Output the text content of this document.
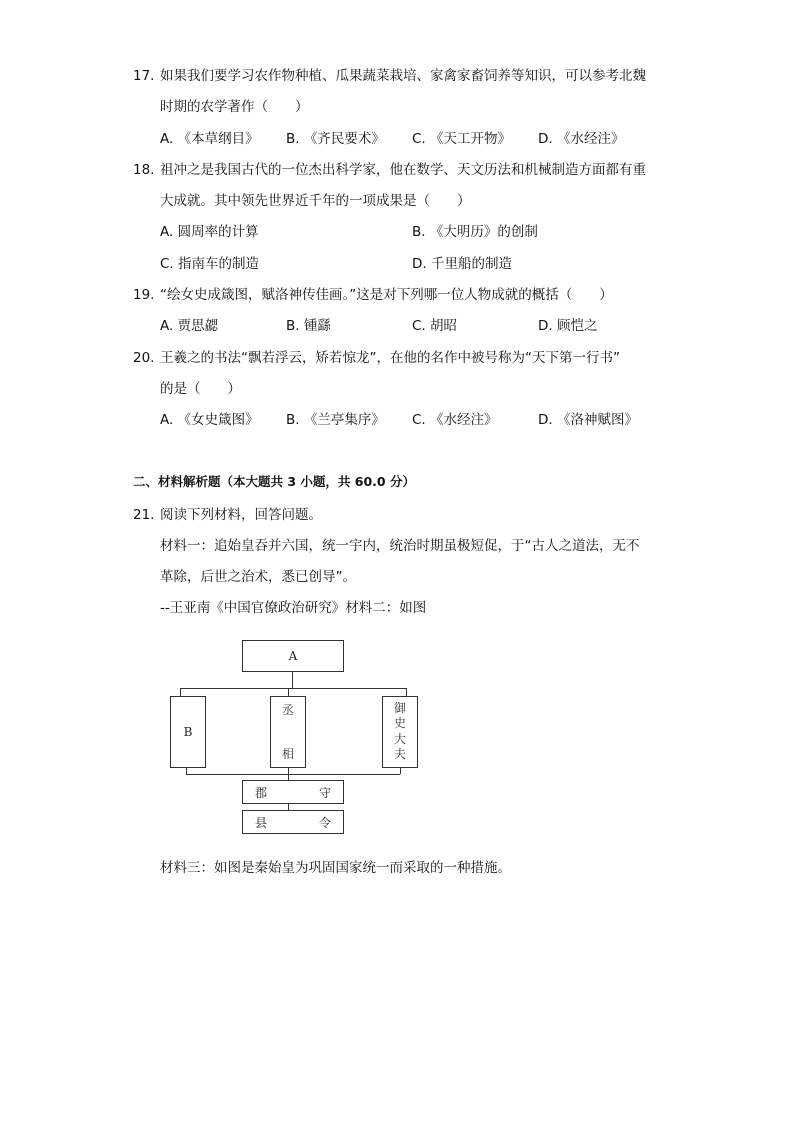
17. 如果我们要学习农作物种植、瓜果蔬菜栽培、家禽家畜饲养等知识，可以参考北魏
时期的农学著作（　　）
A. 《本草纲目》 B. 《齐民要术》 C. 《天工开物》 D. 《水经注》
18. 祖冲之是我国古代的一位杰出科学家，他在数学、天文历法和机械制造方面都有重
大成就。其中领先世界近千年的一项成果是（　　）
A. 圆周率的计算	B. 《大明历》的创制
C. 指南车的制造	D. 千里船的制造
19. “绘女史成箴图，赋洛神传佳画。”这是对下列哪一位人物成就的概括（　　）
A. 贾思勰	B. 锺繇	C. 胡昭	D. 顾恺之
20. 王羲之的书法“飘若浮云，矫若惊龙”，在他的名作中被号称为“天下第一行书”
的是（　　）
A. 《女史箴图》 B. 《兰亭集序》 C. 《水经注》	D. 《洛神赋图》
二、材料解析题（本大题共 3 小题，共 60.0 分）
21. 阅读下列材料，回答问题。
材料一：追始皇吞并六国，统一宇内，统治时期虽极短促，于“古人之道法，无不
革除，后世之治术，悉已创导”。
--王亚南《中国官僚政治研究》材料二：如图
A
B
丞
相
御
史
大
夫
郡	守
县	令
材料三：如图是秦始皇为巩固国家统一而采取的一种措施。
